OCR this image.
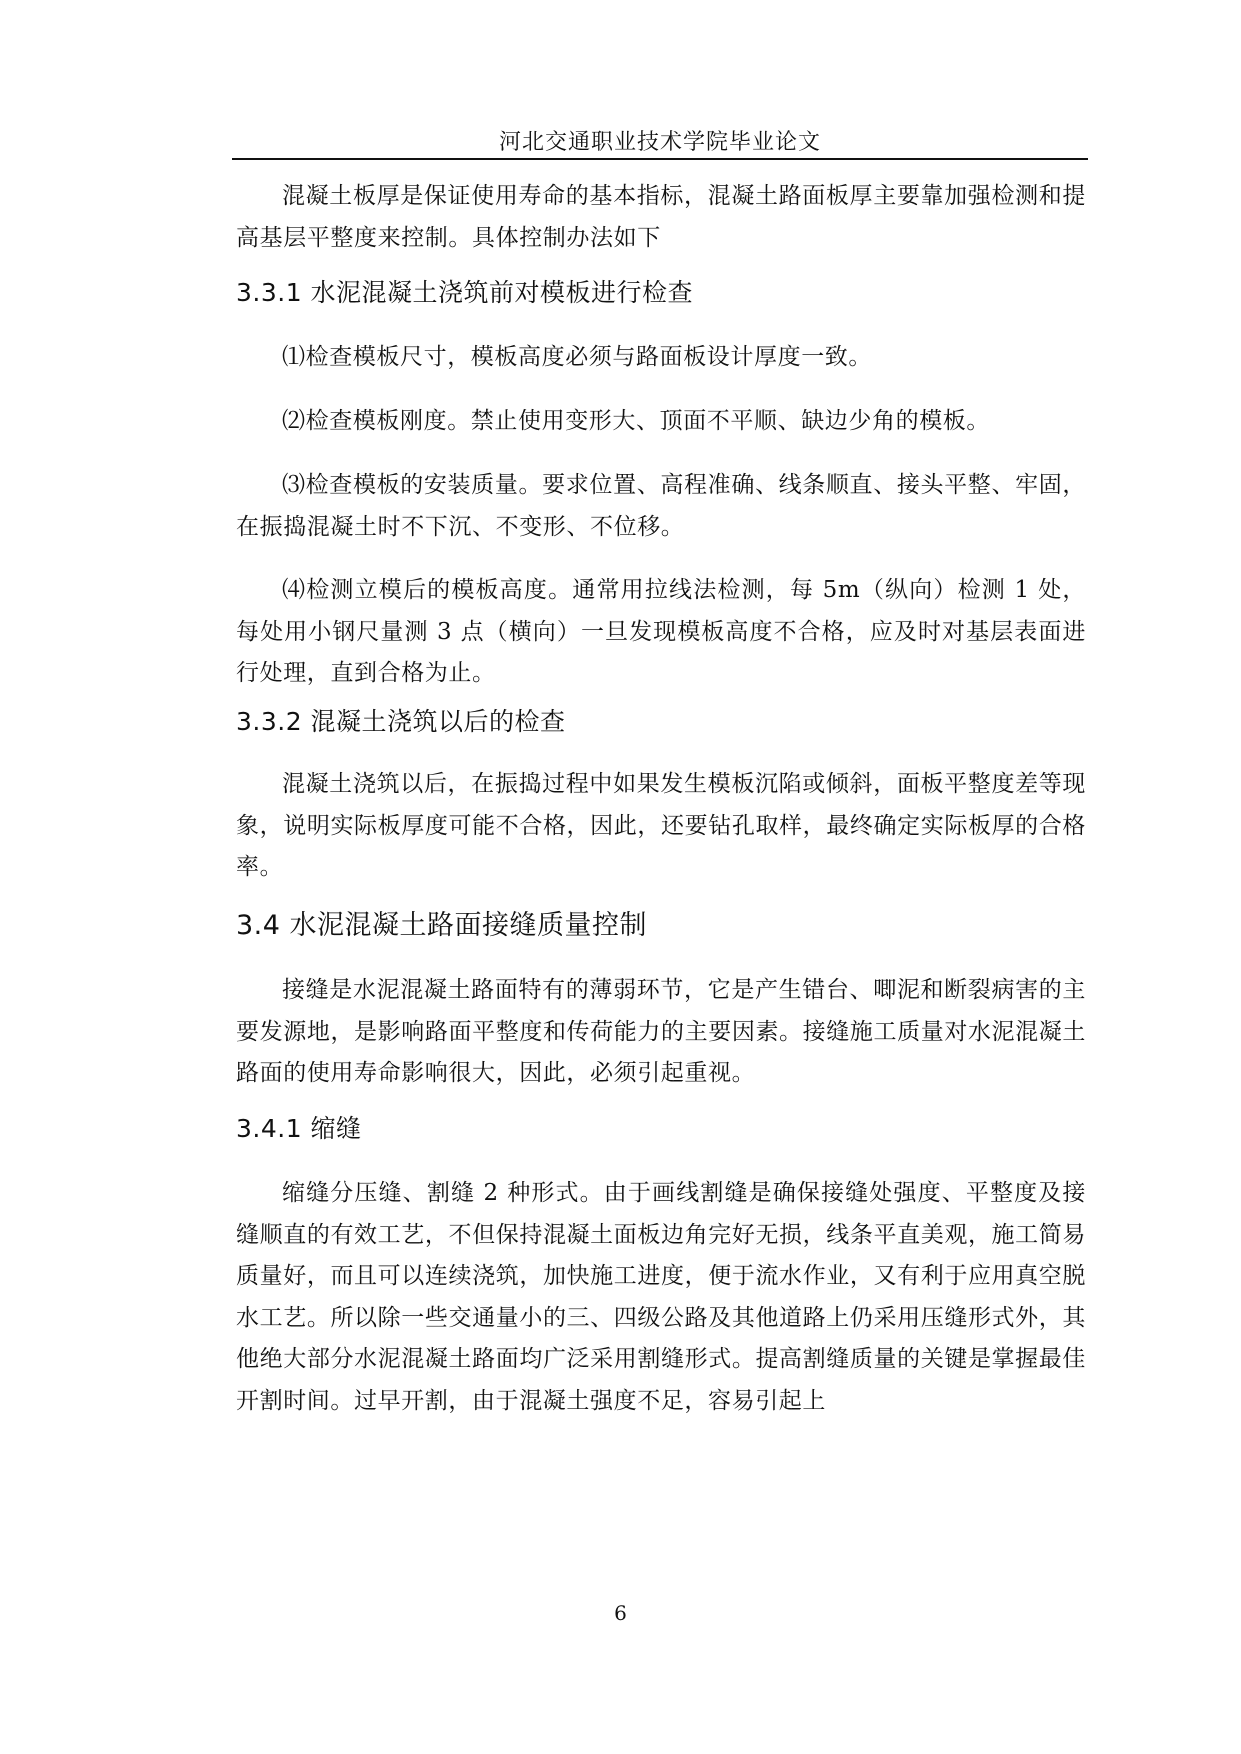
河北交通职业技术学院毕业论文

混凝土板厚是保证使用寿命的基本指标，混凝土路面板厚主要靠加强检测和提高基层平整度来控制。具体控制办法如下

3.3.1 水泥混凝土浇筑前对模板进行检查

⑴检查模板尺寸，模板高度必须与路面板设计厚度一致。

⑵检查模板刚度。禁止使用变形大、顶面不平顺、缺边少角的模板。

⑶检查模板的安装质量。要求位置、高程准确、线条顺直、接头平整、牢固，在振捣混凝土时不下沉、不变形、不位移。

⑷检测立模后的模板高度。通常用拉线法检测，每 5m（纵向）检测 1 处，每处用小钢尺量测 3 点（横向）一旦发现模板高度不合格，应及时对基层表面进行处理，直到合格为止。

3.3.2 混凝土浇筑以后的检查

混凝土浇筑以后，在振捣过程中如果发生模板沉陷或倾斜，面板平整度差等现象，说明实际板厚度可能不合格，因此，还要钻孔取样，最终确定实际板厚的合格率。

3.4 水泥混凝土路面接缝质量控制

接缝是水泥混凝土路面特有的薄弱环节，它是产生错台、唧泥和断裂病害的主要发源地，是影响路面平整度和传荷能力的主要因素。接缝施工质量对水泥混凝土路面的使用寿命影响很大，因此，必须引起重视。

3.4.1 缩缝

缩缝分压缝、割缝 2 种形式。由于画线割缝是确保接缝处强度、平整度及接缝顺直的有效工艺，不但保持混凝土面板边角完好无损，线条平直美观，施工简易质量好，而且可以连续浇筑，加快施工进度，便于流水作业，又有利于应用真空脱水工艺。所以除一些交通量小的三、四级公路及其他道路上仍采用压缝形式外，其他绝大部分水泥混凝土路面均广泛采用割缝形式。提高割缝质量的关键是掌握最佳开割时间。过早开割，由于混凝土强度不足，容易引起上

6
